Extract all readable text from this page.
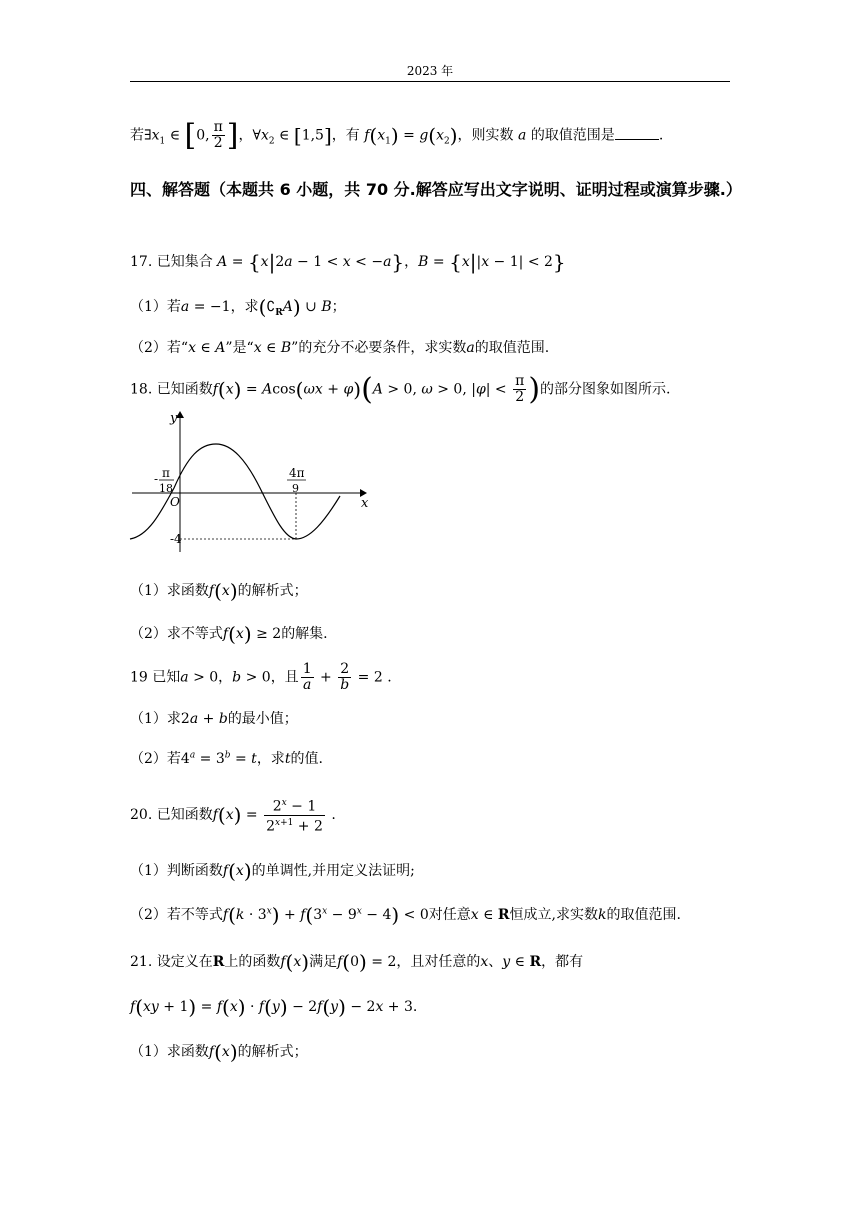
2023 年
若$\exists x_1$ ∈ [0, $\frac{\pi}{2}$ ]，$\forall x_2$ ∈ [1,5]，有 $f(x_1) = g(x_2)$，则实数 a 的取值范围是	.
四、解答题（本题共 6 小题，共 70 分.解答应写出文字说明、证明过程或演算步骤.）
17. 已知集合 A = {x|2a − 1 < x < −a}，B = {x||x − 1| < 2}
（1）若a = −1，求$(∁_RA)$ ∪ B；
（2）若“x ∈ A”是“x ∈ B”的充分不必要条件，求实数a的取值范围.
18. 已知函数f(x) = Acos(ωx + φ)(A > 0, ω > 0, $|\varphi| < \frac{\pi}{2}$ )的部分图象如图所示.
y
x
O
-4
- π
18
4π
9
（1）求函数f(x)的解析式；
（2）求不等式f(x) ≥ 2的解集.
19 已知a > 0，b > 0，且 $\frac{1}{a} + \frac{2}{b} = 2$ .
（1）求2a + b的最小值；
（2）若$4^a = 3^b = t$，求t的值.
20. 已知函数$f(x) = \frac{2^x - 1}{2^{x+1} + 2}$ .
（1）判断函数f(x)的单调性,并用定义法证明;
（2）若不等式$f(k \cdot 3^x) + f(3^x - 9^x - 4) < 0$对任意x ∈ R恒成立,求实数k的取值范围.
21. 设定义在R上的函数f(x)满足f(0) = 2，且对任意的x、y ∈ R，都有
f(xy + 1) = f(x) · f(y) − 2f(y) − 2x + 3.
（1）求函数f(x)的解析式；
